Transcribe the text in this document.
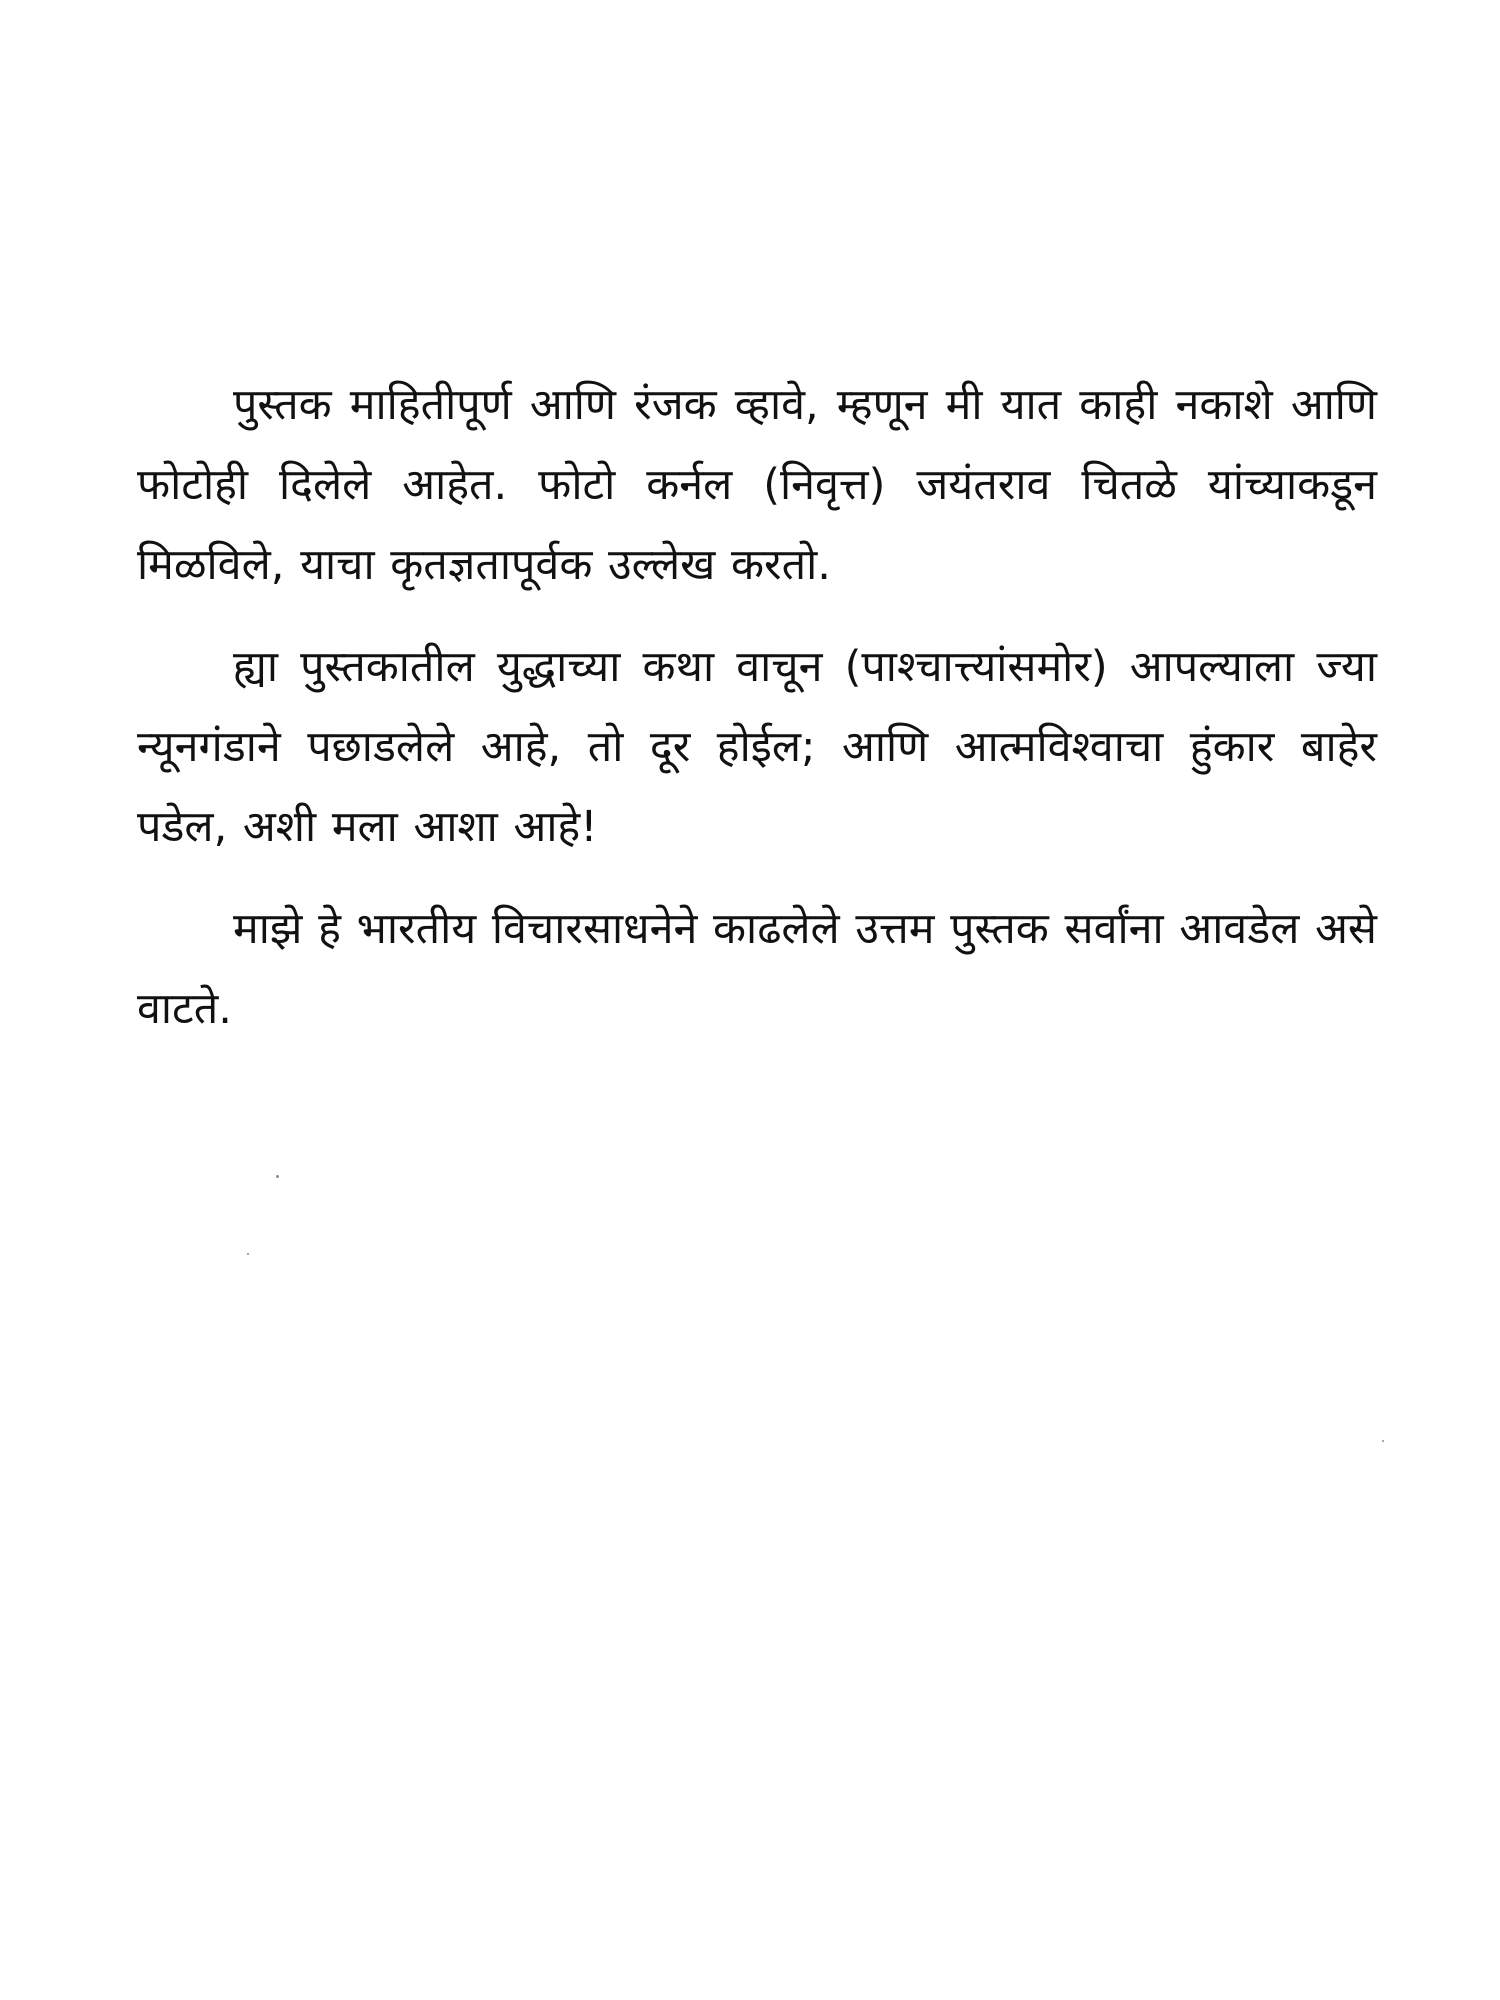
पुस्तक माहितीपूर्ण आणि रंजक व्हावे, म्हणून मी यात काही नकाशे आणि फोटोही दिलेले आहेत. फोटो कर्नल (निवृत्त) जयंतराव चितळे यांच्याकडून मिळविले, याचा कृतज्ञतापूर्वक उल्लेख करतो.

ह्या पुस्तकातील युद्धाच्या कथा वाचून (पाश्चात्त्यांसमोर) आपल्याला ज्या न्यूनगंडाने पछाडलेले आहे, तो दूर होईल; आणि आत्मविश्वाचा हुंकार बाहेर पडेल, अशी मला आशा आहे!

माझे हे भारतीय विचारसाधनेने काढलेले उत्तम पुस्तक सर्वांना आवडेल असे वाटते.
